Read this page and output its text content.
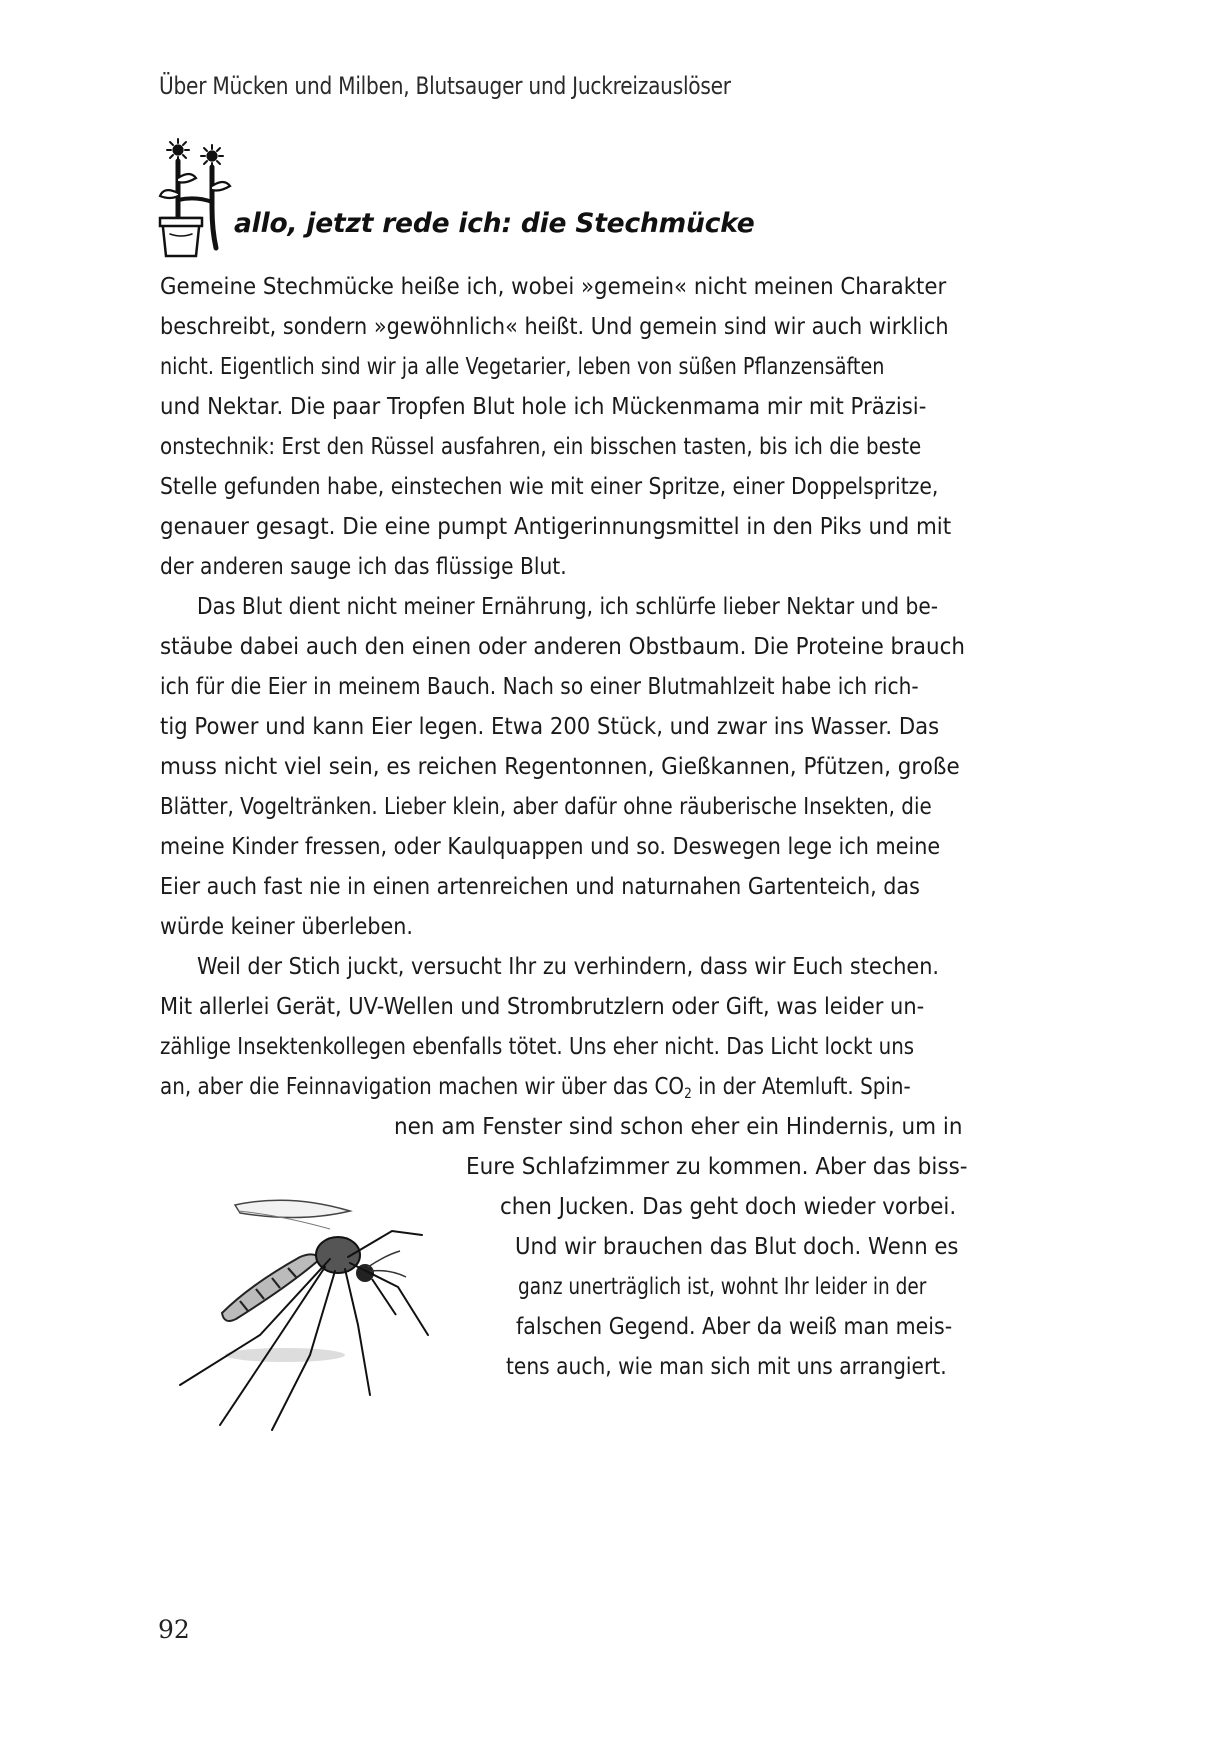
Über Mücken und Milben, Blutsauger und Juckreizauslöser
allo, jetzt rede ich: die Stechmücke
Gemeine Stechmücke heiße ich, wobei »gemein« nicht meinen Charakter
beschreibt, sondern »gewöhnlich« heißt. Und gemein sind wir auch wirklich
nicht. Eigentlich sind wir ja alle Vegetarier, leben von süßen Pflanzensäften
und Nektar. Die paar Tropfen Blut hole ich Mückenmama mir mit Präzisi-
onstechnik: Erst den Rüssel ausfahren, ein bisschen tasten, bis ich die beste
Stelle gefunden habe, einstechen wie mit einer Spritze, einer Doppelspritze,
genauer gesagt. Die eine pumpt Antigerinnungsmittel in den Piks und mit
der anderen sauge ich das flüssige Blut.
Das Blut dient nicht meiner Ernährung, ich schlürfe lieber Nektar und be-
stäube dabei auch den einen oder anderen Obstbaum. Die Proteine brauch
ich für die Eier in meinem Bauch. Nach so einer Blutmahlzeit habe ich rich-
tig Power und kann Eier legen. Etwa 200 Stück, und zwar ins Wasser. Das
muss nicht viel sein, es reichen Regentonnen, Gießkannen, Pfützen, große
Blätter, Vogeltränken. Lieber klein, aber dafür ohne räuberische Insekten, die
meine Kinder fressen, oder Kaulquappen und so. Deswegen lege ich meine
Eier auch fast nie in einen artenreichen und naturnahen Gartenteich, das
würde keiner überleben.
Weil der Stich juckt, versucht Ihr zu verhindern, dass wir Euch stechen.
Mit allerlei Gerät, UV-Wellen und Strombrutzlern oder Gift, was leider un-
zählige Insektenkollegen ebenfalls tötet. Uns eher nicht. Das Licht lockt uns
an, aber die Feinnavigation machen wir über das $CO_2$ in der Atemluft. Spin-
nen am Fenster sind schon eher ein Hindernis, um in
Eure Schlafzimmer zu kommen. Aber das biss-
chen Jucken. Das geht doch wieder vorbei.
Und wir brauchen das Blut doch. Wenn es
ganz unerträglich ist, wohnt Ihr leider in der
falschen Gegend. Aber da weiß man meis-
tens auch, wie man sich mit uns arrangiert.
92
